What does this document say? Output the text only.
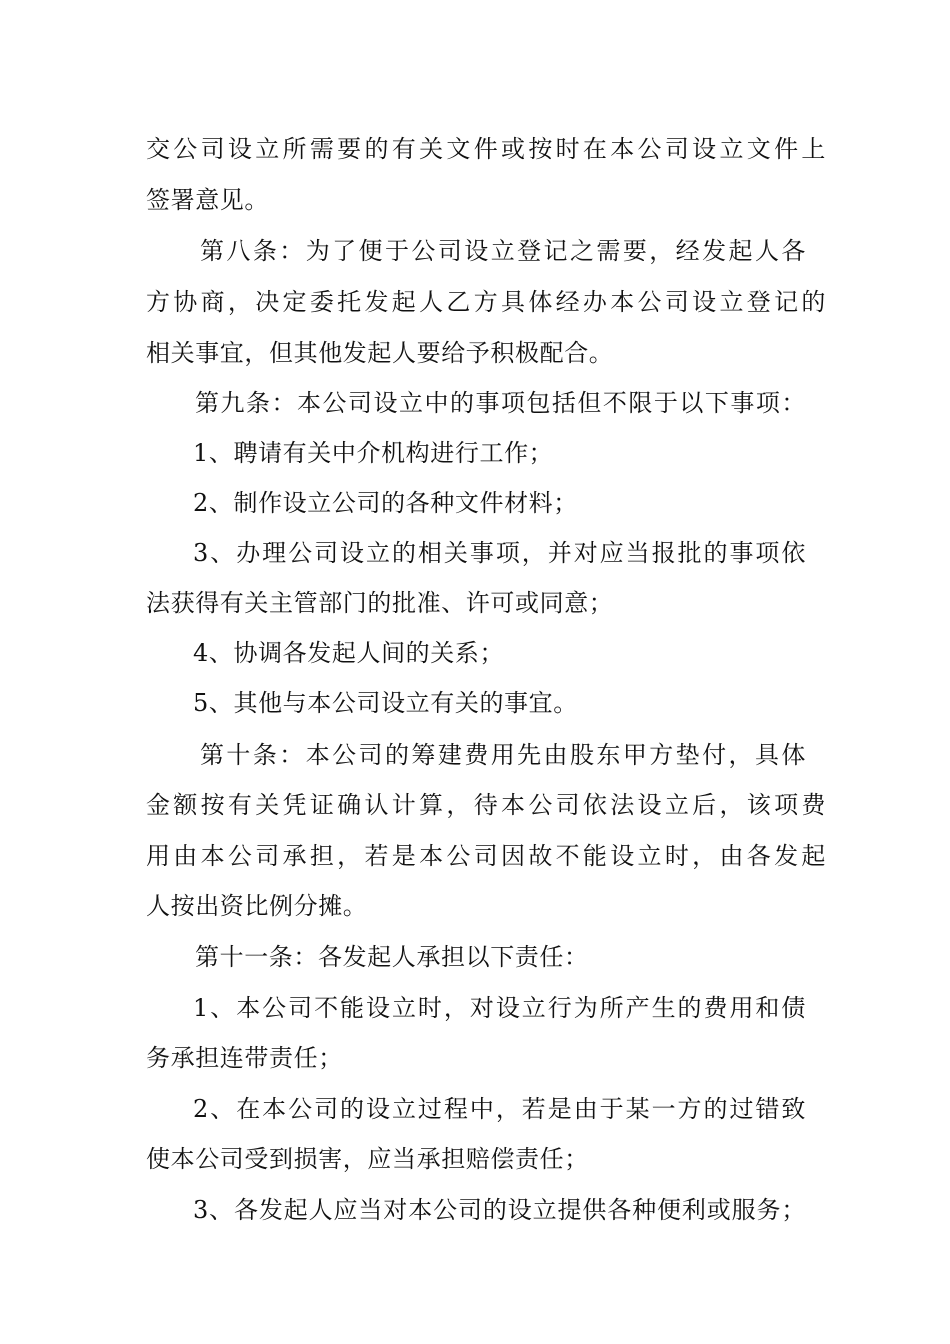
交公司设立所需要的有关文件或按时在本公司设立文件上
签署意见。
第八条：为了便于公司设立登记之需要，经发起人各
方协商，决定委托发起人乙方具体经办本公司设立登记的
相关事宜，但其他发起人要给予积极配合。
第九条：本公司设立中的事项包括但不限于以下事项：
1、聘请有关中介机构进行工作；
2、制作设立公司的各种文件材料；
3、办理公司设立的相关事项，并对应当报批的事项依
法获得有关主管部门的批准、许可或同意；
4、协调各发起人间的关系；
5、其他与本公司设立有关的事宜。
第十条：本公司的筹建费用先由股东甲方垫付，具体
金额按有关凭证确认计算，待本公司依法设立后，该项费
用由本公司承担，若是本公司因故不能设立时，由各发起
人按出资比例分摊。
第十一条：各发起人承担以下责任：
1、本公司不能设立时，对设立行为所产生的费用和债
务承担连带责任；
2、在本公司的设立过程中，若是由于某一方的过错致
使本公司受到损害，应当承担赔偿责任；
3、各发起人应当对本公司的设立提供各种便利或服务；
